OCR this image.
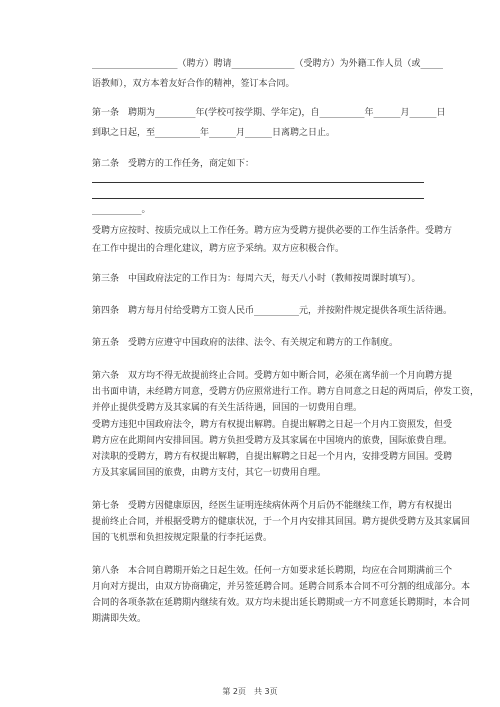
___________________（聘方）聘请______________（受聘方）为外籍工作人员（或_____
语教师），双方本着友好合作的精神，签订本合同。
第一条　聘期为_________年(学校可按学期、学年定)，自__________年______月______日
到职之日起，至__________年______月______日离聘之日止。
第二条　受聘方的工作任务，商定如下：
___________。
受聘方应按时、按质完成以上工作任务。聘方应为受聘方提供必要的工作生活条件。受聘方
在工作中提出的合理化建议，聘方应予采纳。双方应积极合作。
第三条　中国政府法定的工作日为：每周六天，每天八小时（教师按周课时填写）。
第四条　聘方每月付给受聘方工资人民币__________元，并按附件规定提供各项生活待遇。
第五条　受聘方应遵守中国政府的法律、法令、有关规定和聘方的工作制度。
第六条　双方均不得无故提前终止合同。受聘方如中断合同，必须在离华前一个月向聘方提
出书面申请，未经聘方同意，受聘方仍应照常进行工作。聘方自同意之日起的两周后，停发工资，
并停止提供受聘方及其家属的有关生活待遇，回国的一切费用自理。
受聘方违犯中国政府法令，聘方有权提出解聘。自提出解聘之日起一个月内工资照发，但受
聘方应在此期间内安排回国。聘方负担受聘方及其家属在中国境内的旅费，国际旅费自理。
对渎职的受聘方，聘方有权提出解聘，自提出解聘之日起一个月内，安排受聘方回国。受聘
方及其家属回国的旅费，由聘方支付，其它一切费用自理。
第七条　受聘方因健康原因，经医生证明连续病休两个月后仍不能继续工作，聘方有权提出
提前终止合同，并根据受聘方的健康状况，于一个月内安排其回国。聘方提供受聘方及其家属回
国的飞机票和负担按规定限量的行李托运费。
第八条　本合同自聘期开始之日起生效。任何一方如要求延长聘期，均应在合同期满前三个
月向对方提出，由双方协商确定，并另签延聘合同。延聘合同系本合同不可分割的组成部分。本
合同的各项条款在延聘期内继续有效。双方均未提出延长聘期或一方不同意延长聘期时，本合同
期满即失效。
第 2页　共 3页
